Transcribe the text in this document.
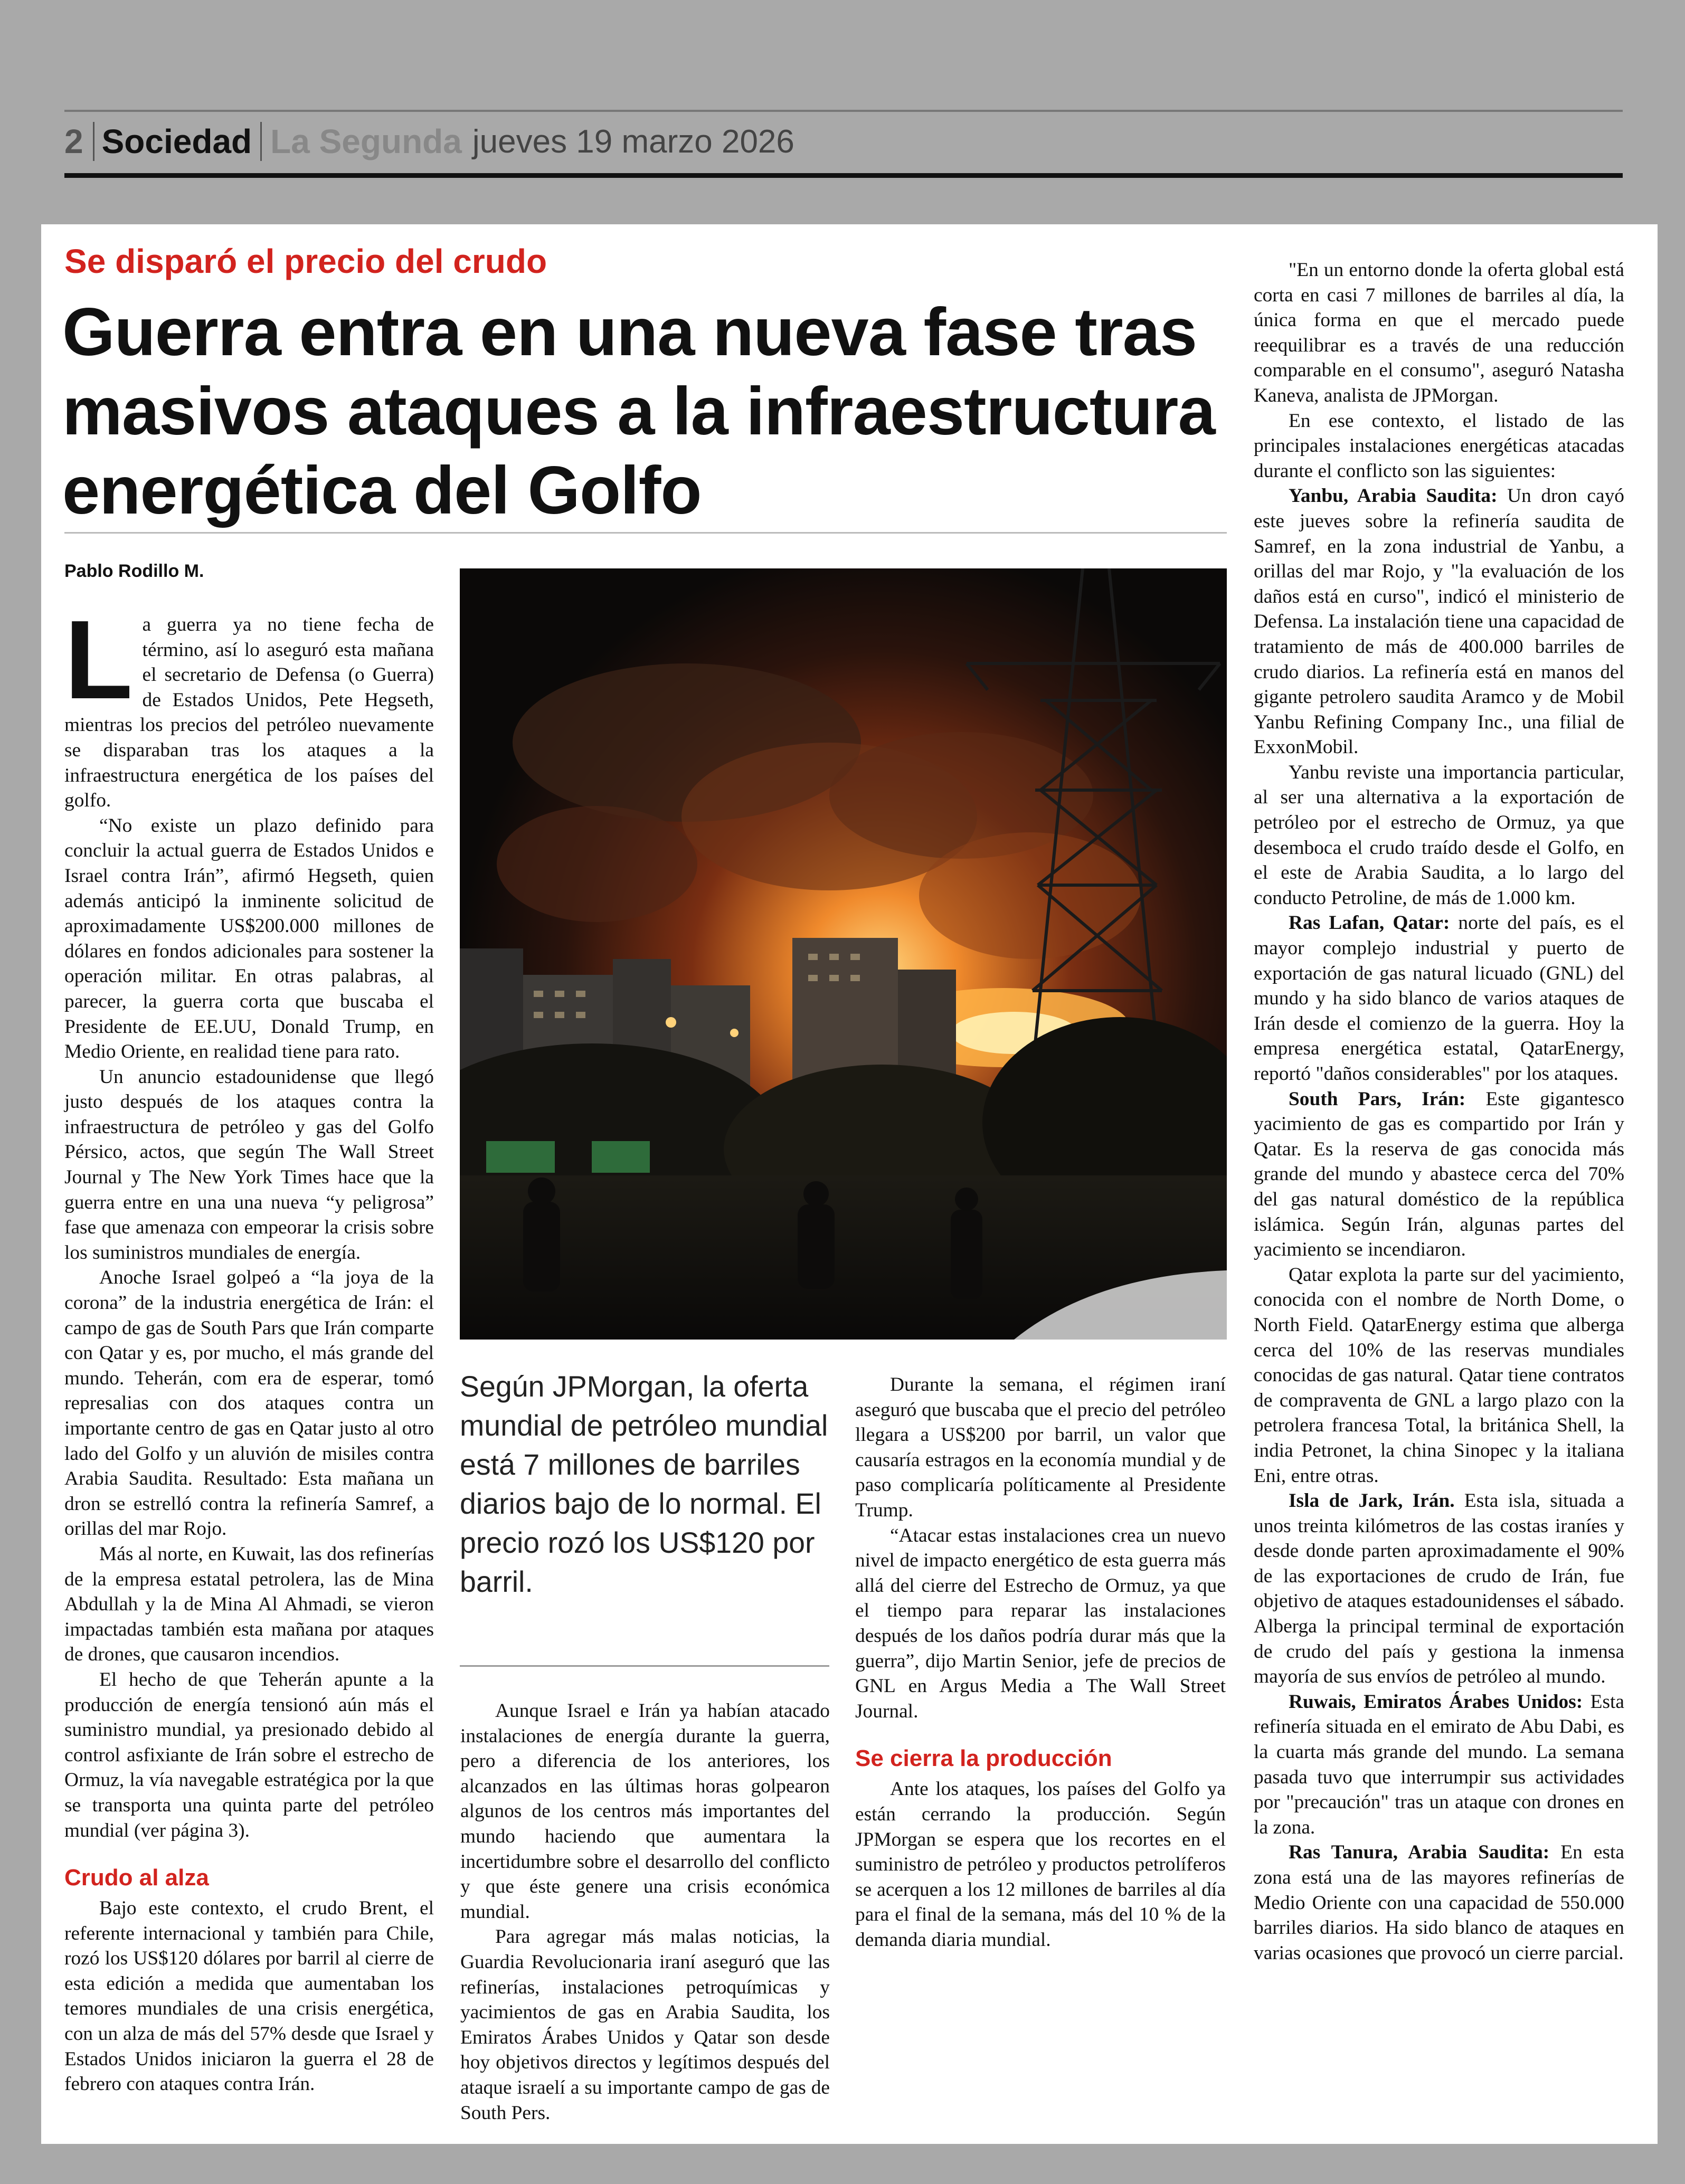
2 Sociedad La Segunda jueves 19 marzo 2026
Se disparó el precio del crudo
Guerra entra en una nueva fase tras
masivos ataques a la infraestructura
energética del Golfo
Pablo Rodillo M.

La guerra ya no tiene fecha de término, así lo aseguró esta mañana el secretario de Defensa (o Guerra) de Estados Unidos, Pete Hegseth, mientras los precios del petróleo nuevamente se disparaban tras los ataques a la infraestructura energética de los países del golfo.

“No existe un plazo definido para concluir la actual guerra de Estados Unidos e Israel contra Irán”, afirmó Hegseth, quien además anticipó la inminente solicitud de aproximadamente US$200.000 millones de dólares en fondos adicionales para sostener la operación militar. En otras palabras, al parecer, la guerra corta que buscaba el Presidente de EE.UU, Donald Trump, en Medio Oriente, en realidad tiene para rato.

Un anuncio estadounidense que llegó justo después de los ataques contra la infraestructura de petróleo y gas del Golfo Pérsico, actos, que según The Wall Street Journal y The New York Times hace que la guerra entre en una una nueva “y peligrosa” fase que amenaza con empeorar la crisis sobre los suministros mundiales de energía.

Anoche Israel golpeó a “la joya de la corona” de la industria energética de Irán: el campo de gas de South Pars que Irán comparte con Qatar y es, por mucho, el más grande del mundo. Teherán, com era de esperar, tomó represalias con dos ataques contra un importante centro de gas en Qatar justo al otro lado del Golfo y un aluvión de misiles contra Arabia Saudita. Resultado: Esta mañana un dron se estrelló contra la refinería Samref, a orillas del mar Rojo.

Más al norte, en Kuwait, las dos refinerías de la empresa estatal petrolera, las de Mina Abdullah y la de Mina Al Ahmadi, se vieron impactadas también esta mañana por ataques de drones, que causaron incendios.

El hecho de que Teherán apunte a la producción de energía tensionó aún más el suministro mundial, ya presionado debido al control asfixiante de Irán sobre el estrecho de Ormuz, la vía navegable estratégica por la que se transporta una quinta parte del petróleo mundial (ver página 3).

Crudo al alza

Bajo este contexto, el crudo Brent, el referente internacional y también para Chile, rozó los US$120 dólares por barril al cierre de esta edición a medida que aumentaban los temores mundiales de una crisis energética, con un alza de más del 57% desde que Israel y Estados Unidos iniciaron la guerra el 28 de febrero con ataques contra Irán.

Aunque Israel e Irán ya habían atacado instalaciones de energía durante la guerra, pero a diferencia de los anteriores, los alcanzados en las últimas horas golpearon algunos de los centros más importantes del mundo haciendo que aumentara la incertidumbre sobre el desarrollo del conflicto y que éste genere una crisis económica mundial.

Para agregar más malas noticias, la Guardia Revolucionaria iraní aseguró que las refinerías, instalaciones petroquímicas y yacimientos de gas en Arabia Saudita, los Emiratos Árabes Unidos y Qatar son desde hoy objetivos directos y legítimos después del ataque israelí a su importante campo de gas de South Pers.

Durante la semana, el régimen iraní aseguró que buscaba que el precio del petróleo llegara a US$200 por barril, un valor que causaría estragos en la economía mundial y de paso complicaría políticamente al Presidente Trump.

“Atacar estas instalaciones crea un nuevo nivel de impacto energético de esta guerra más allá del cierre del Estrecho de Ormuz, ya que el tiempo para reparar las instalaciones después de los daños podría durar más que la guerra”, dijo Martin Senior, jefe de precios de GNL en Argus Media a The Wall Street Journal.

Se cierra la producción

Ante los ataques, los países del Golfo ya están cerrando la producción. Según JPMorgan se espera que los recortes en el suministro de petróleo y productos petrolíferos se acerquen a los 12 millones de barriles al día para el final de la semana, más del 10 % de la demanda diaria mundial.

"En un entorno donde la oferta global está corta en casi 7 millones de barriles al día, la única forma en que el mercado puede reequilibrar es a través de una reducción comparable en el consumo", aseguró Natasha Kaneva, analista de JPMorgan.

En ese contexto, el listado de las principales instalaciones energéticas atacadas durante el conflicto son las siguientes:

Yanbu, Arabia Saudita: Un dron cayó este jueves sobre la refinería saudita de Samref, en la zona industrial de Yanbu, a orillas del mar Rojo, y "la evaluación de los daños está en curso", indicó el ministerio de Defensa. La instalación tiene una capacidad de tratamiento de más de 400.000 barriles de crudo diarios. La refinería está en manos del gigante petrolero saudita Aramco y de Mobil Yanbu Refining Company Inc., una filial de ExxonMobil.

Yanbu reviste una importancia particular, al ser una alternativa a la exportación de petróleo por el estrecho de Ormuz, ya que desemboca el crudo traído desde el Golfo, en el este de Arabia Saudita, a lo largo del conducto Petroline, de más de 1.000 km.

Ras Lafan, Qatar: norte del país, es el mayor complejo industrial y puerto de exportación de gas natural licuado (GNL) del mundo y ha sido blanco de varios ataques de Irán desde el comienzo de la guerra. Hoy la empresa energética estatal, QatarEnergy, reportó "daños considerables" por los ataques.

South Pars, Irán: Este gigantesco yacimiento de gas es compartido por Irán y Qatar. Es la reserva de gas conocida más grande del mundo y abastece cerca del 70% del gas natural doméstico de la república islámica. Según Irán, algunas partes del yacimiento se incendiaron.

Qatar explota la parte sur del yacimiento, conocida con el nombre de North Dome, o North Field. QatarEnergy estima que alberga cerca del 10% de las reservas mundiales conocidas de gas natural. Qatar tiene contratos de compraventa de GNL a largo plazo con la petrolera francesa Total, la británica Shell, la india Petronet, la china Sinopec y la italiana Eni, entre otras.

Isla de Jark, Irán. Esta isla, situada a unos treinta kilómetros de las costas iraníes y desde donde parten aproximadamente el 90% de las exportaciones de crudo de Irán, fue objetivo de ataques estadounidenses el sábado. Alberga la principal terminal de exportación de crudo del país y gestiona la inmensa mayoría de sus envíos de petróleo al mundo.

Ruwais, Emiratos Árabes Unidos: Esta refinería situada en el emirato de Abu Dabi, es la cuarta más grande del mundo. La semana pasada tuvo que interrumpir sus actividades por "precaución" tras un ataque con drones en la zona.

Ras Tanura, Arabia Saudita: En esta zona está una de las mayores refinerías de Medio Oriente con una capacidad de 550.000 barriles diarios. Ha sido blanco de ataques en varias ocasiones que provocó un cierre parcial.

Según JPMorgan, la oferta mundial de petróleo mundial está 7 millones de barriles diarios bajo de lo normal. El precio rozó los US$120 por barril.
